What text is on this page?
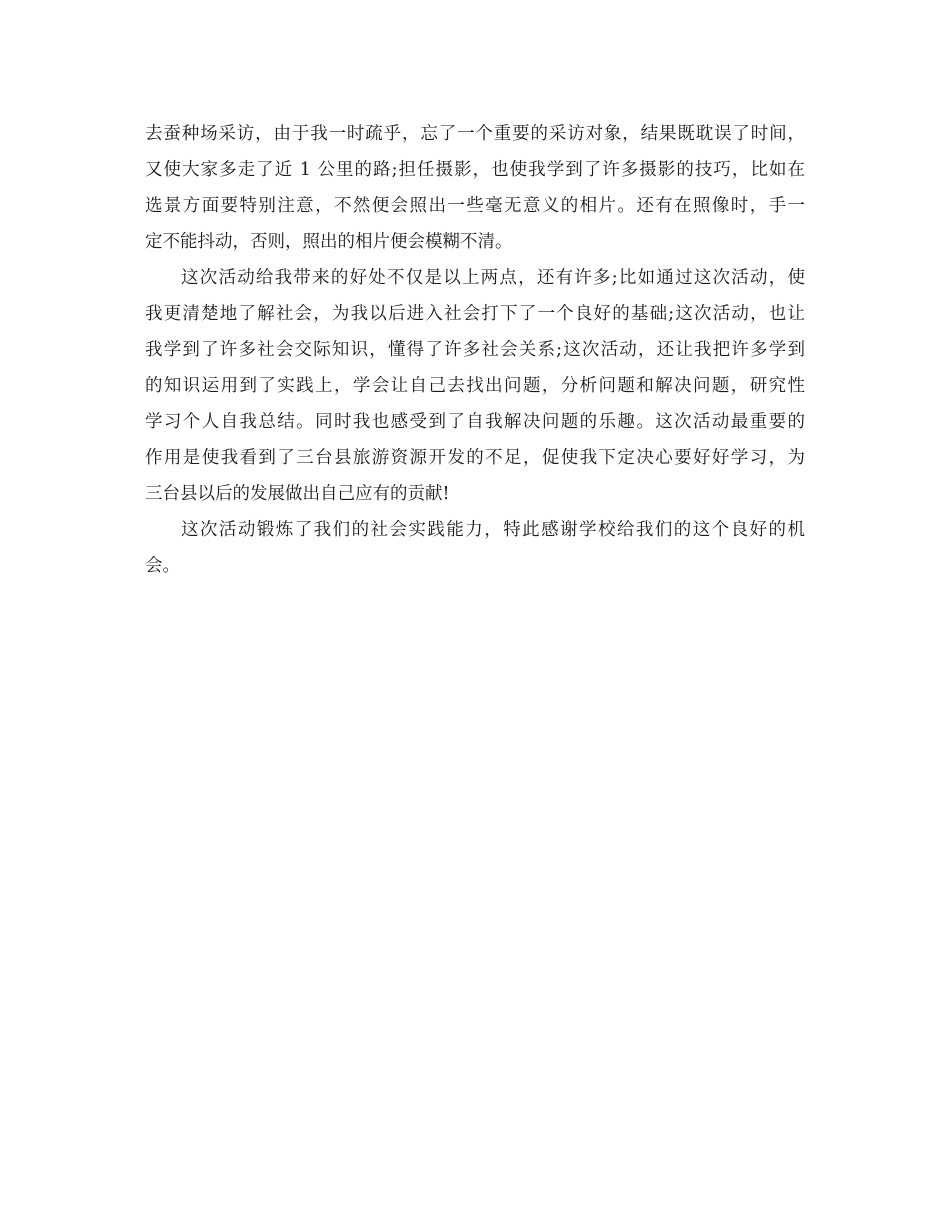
去蚕种场采访，由于我一时疏乎，忘了一个重要的采访对象，结果既耽误了时间，
又使大家多走了近 1 公里的路;担任摄影，也使我学到了许多摄影的技巧，比如在
选景方面要特别注意，不然便会照出一些毫无意义的相片。还有在照像时，手一
定不能抖动，否则，照出的相片便会模糊不清。
这次活动给我带来的好处不仅是以上两点，还有许多;比如通过这次活动，使
我更清楚地了解社会，为我以后进入社会打下了一个良好的基础;这次活动，也让
我学到了许多社会交际知识，懂得了许多社会关系;这次活动，还让我把许多学到
的知识运用到了实践上，学会让自己去找出问题，分析问题和解决问题，研究性
学习个人自我总结。同时我也感受到了自我解决问题的乐趣。这次活动最重要的
作用是使我看到了三台县旅游资源开发的不足，促使我下定决心要好好学习，为
三台县以后的发展做出自己应有的贡献!
这次活动锻炼了我们的社会实践能力，特此感谢学校给我们的这个良好的机
会。
